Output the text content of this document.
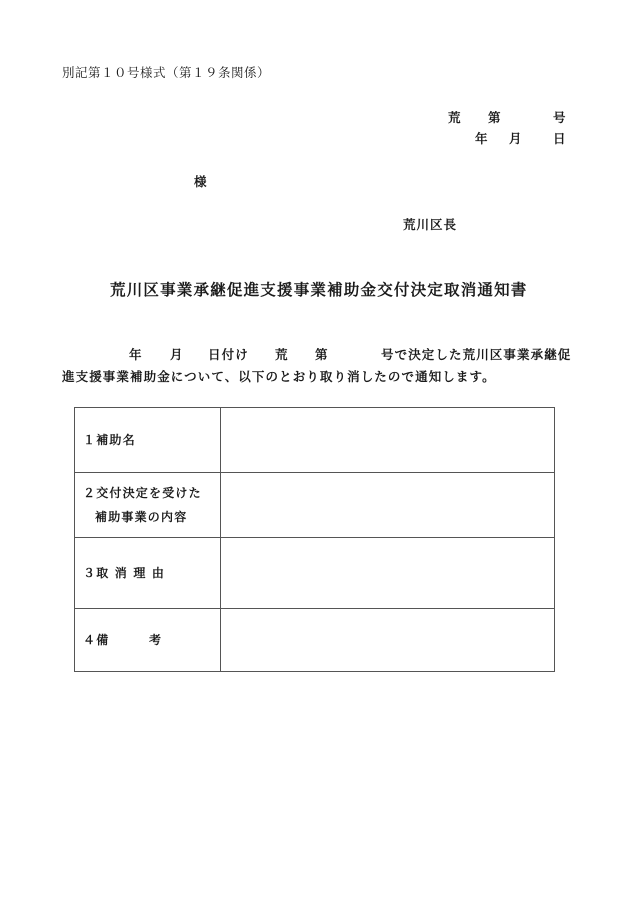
別記第１０号様式（第１９条関係）
荒 第	号
年 月	日
様
荒川区長
荒川区事業承継促進支援事業補助金交付決定取消通知書
年 月 日付け 荒 第	号で決定した荒川区事業承継促
進支援事業補助金について、以下のとおり取り消したので通知します。
１補助名	
２交付決定を受けた
補助事業の内容	
３取 消 理 由	
４備　　　考	
